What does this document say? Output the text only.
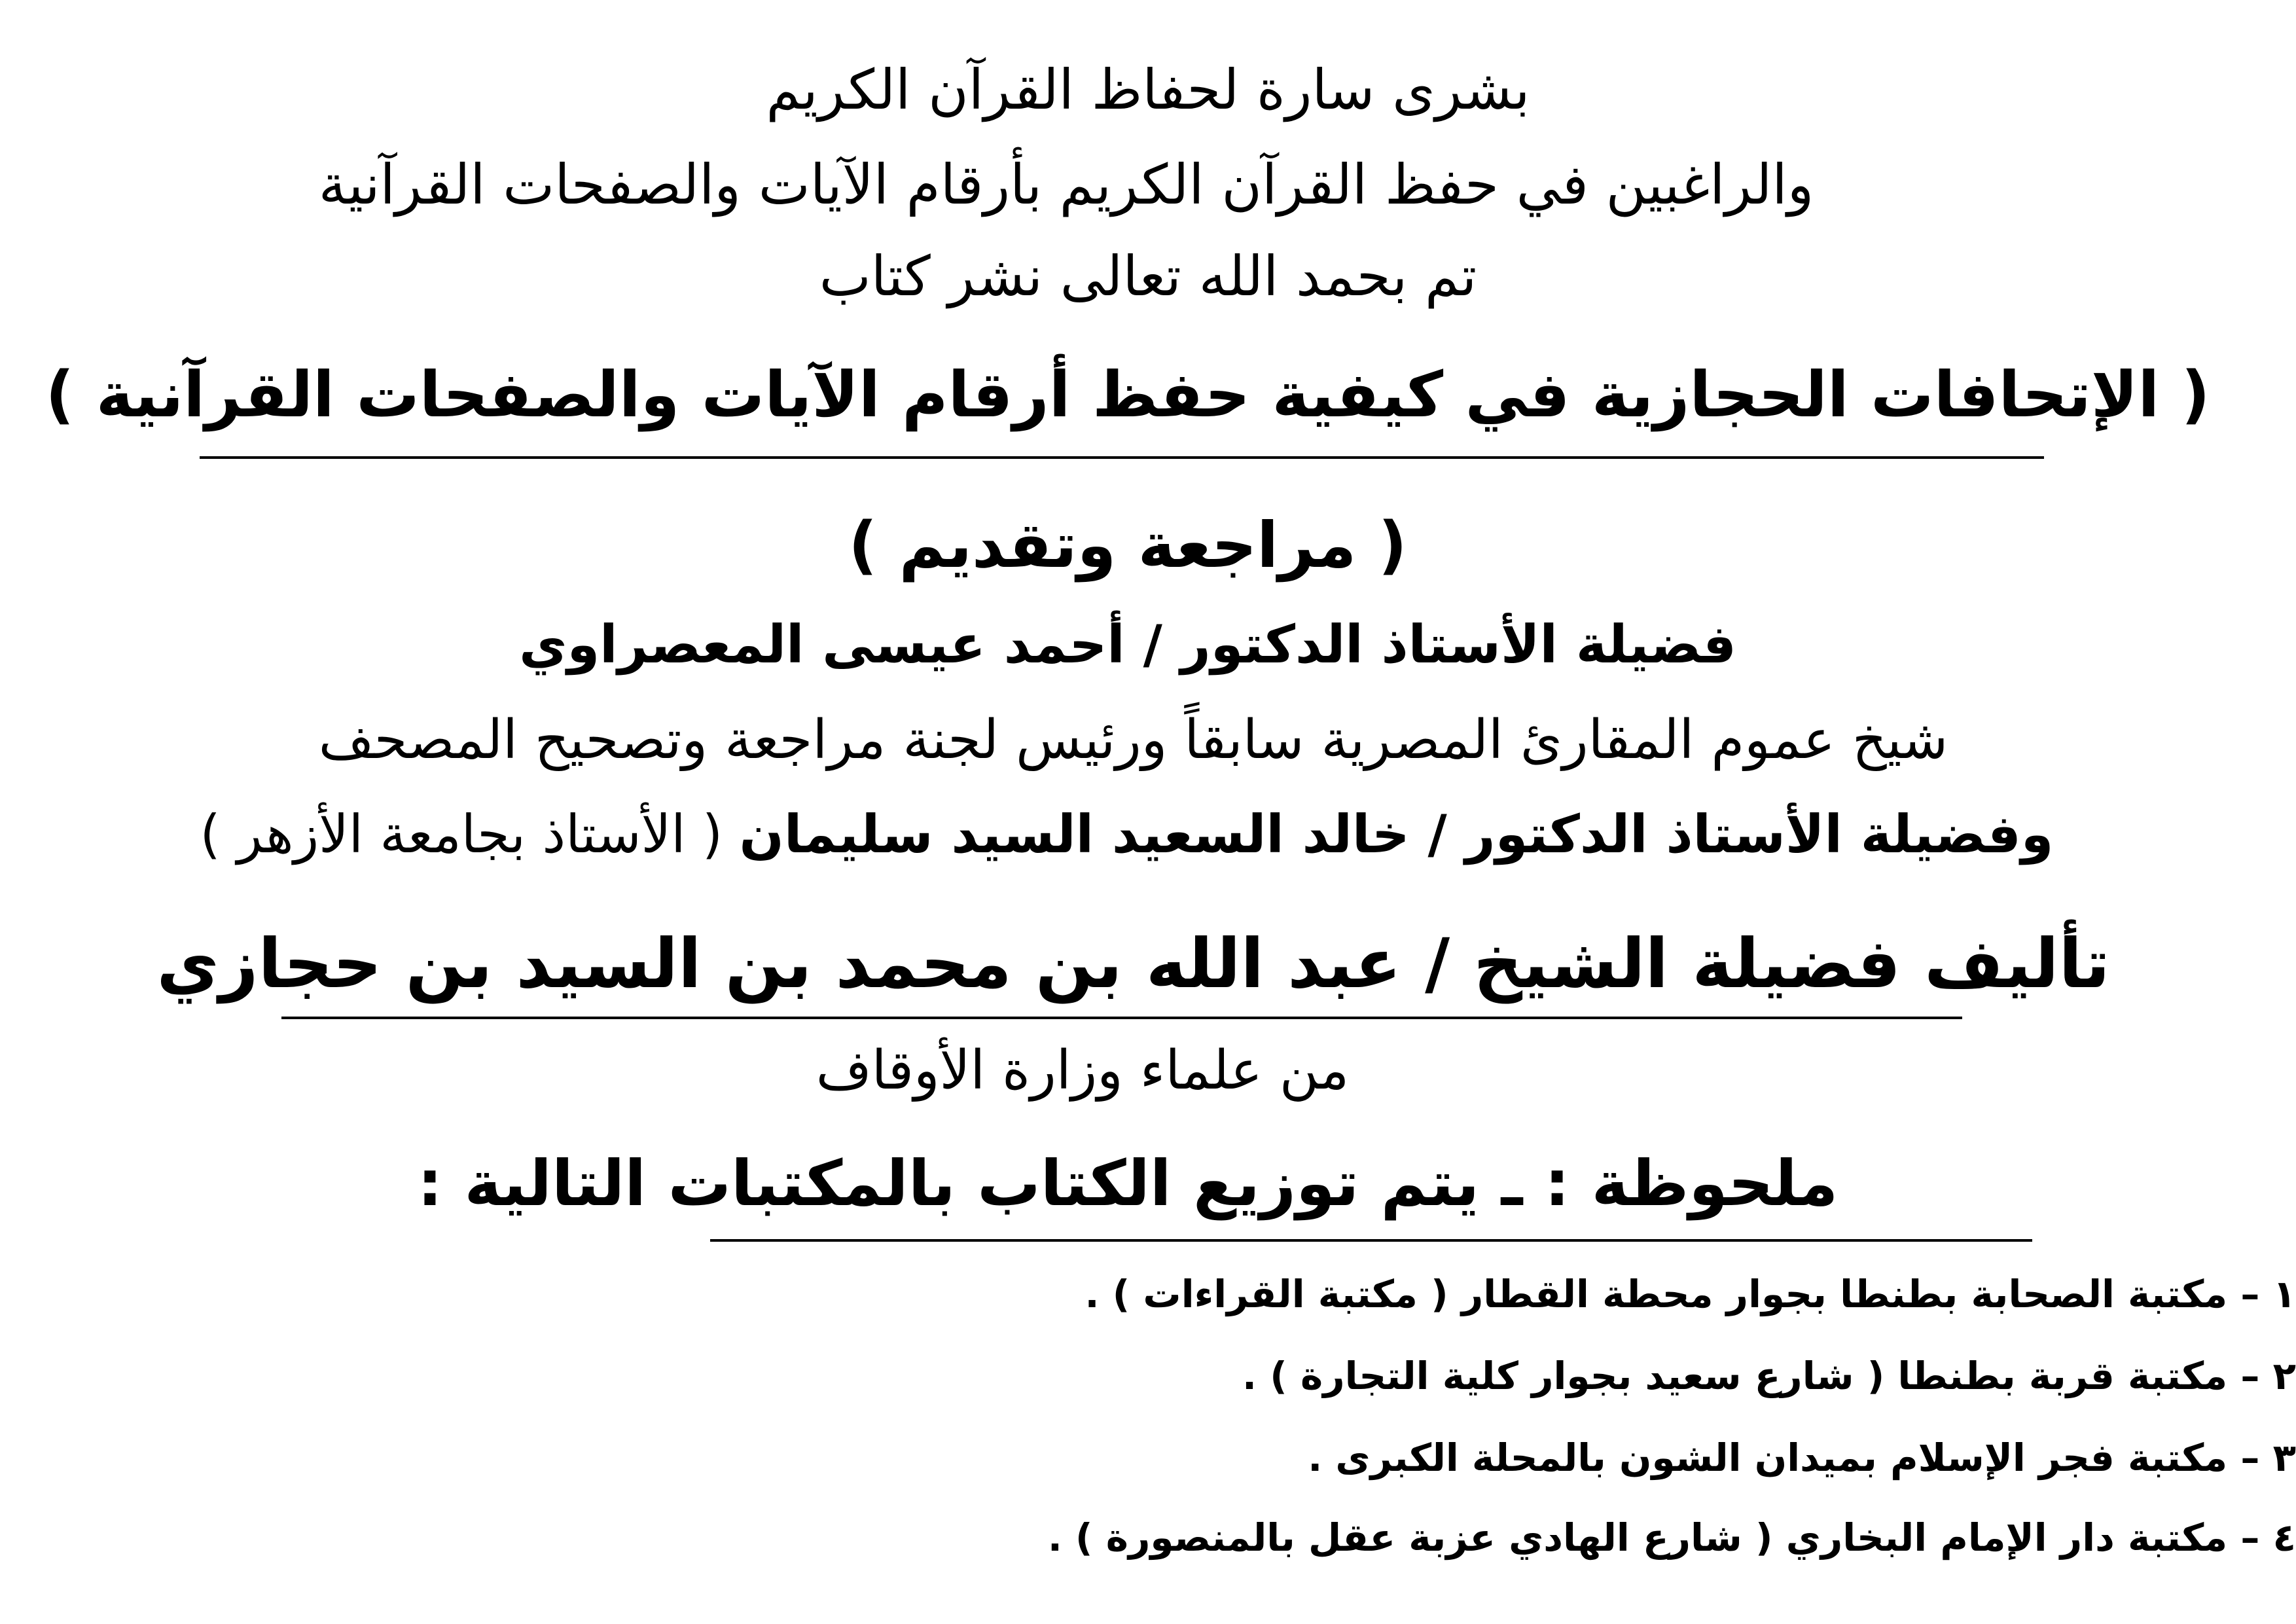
بشرى سارة لحفاظ القرآن الكريم
والراغبين في حفظ القرآن الكريم بأرقام الآيات والصفحات القرآنية
تم بحمد الله تعالى نشر كتاب
( الإتحافات الحجازية في كيفية حفظ أرقام الآيات والصفحات القرآنية )
( مراجعة وتقديم )
فضيلة الأستاذ الدكتور / أحمد عيسى المعصراوي
شيخ عموم المقارئ المصرية سابقاً ورئيس لجنة مراجعة وتصحيح المصحف
وفضيلة الأستاذ الدكتور / خالد السعيد السيد سليمان ( الأستاذ بجامعة الأزهر )
تأليف فضيلة الشيخ / عبد الله بن محمد بن السيد بن حجازي
من علماء وزارة الأوقاف
ملحوظة : ـ يتم توزيع الكتاب بالمكتبات التالية :
١ – مكتبة الصحابة بطنطا بجوار محطة القطار ( مكتبة القراءات ) .
٢ – مكتبة قربة بطنطا ( شارع سعيد بجوار كلية التجارة ) .
٣ – مكتبة فجر الإسلام بميدان الشون بالمحلة الكبرى .
٤ – مكتبة دار الإمام البخاري ( شارع الهادي عزبة عقل بالمنصورة ) .
